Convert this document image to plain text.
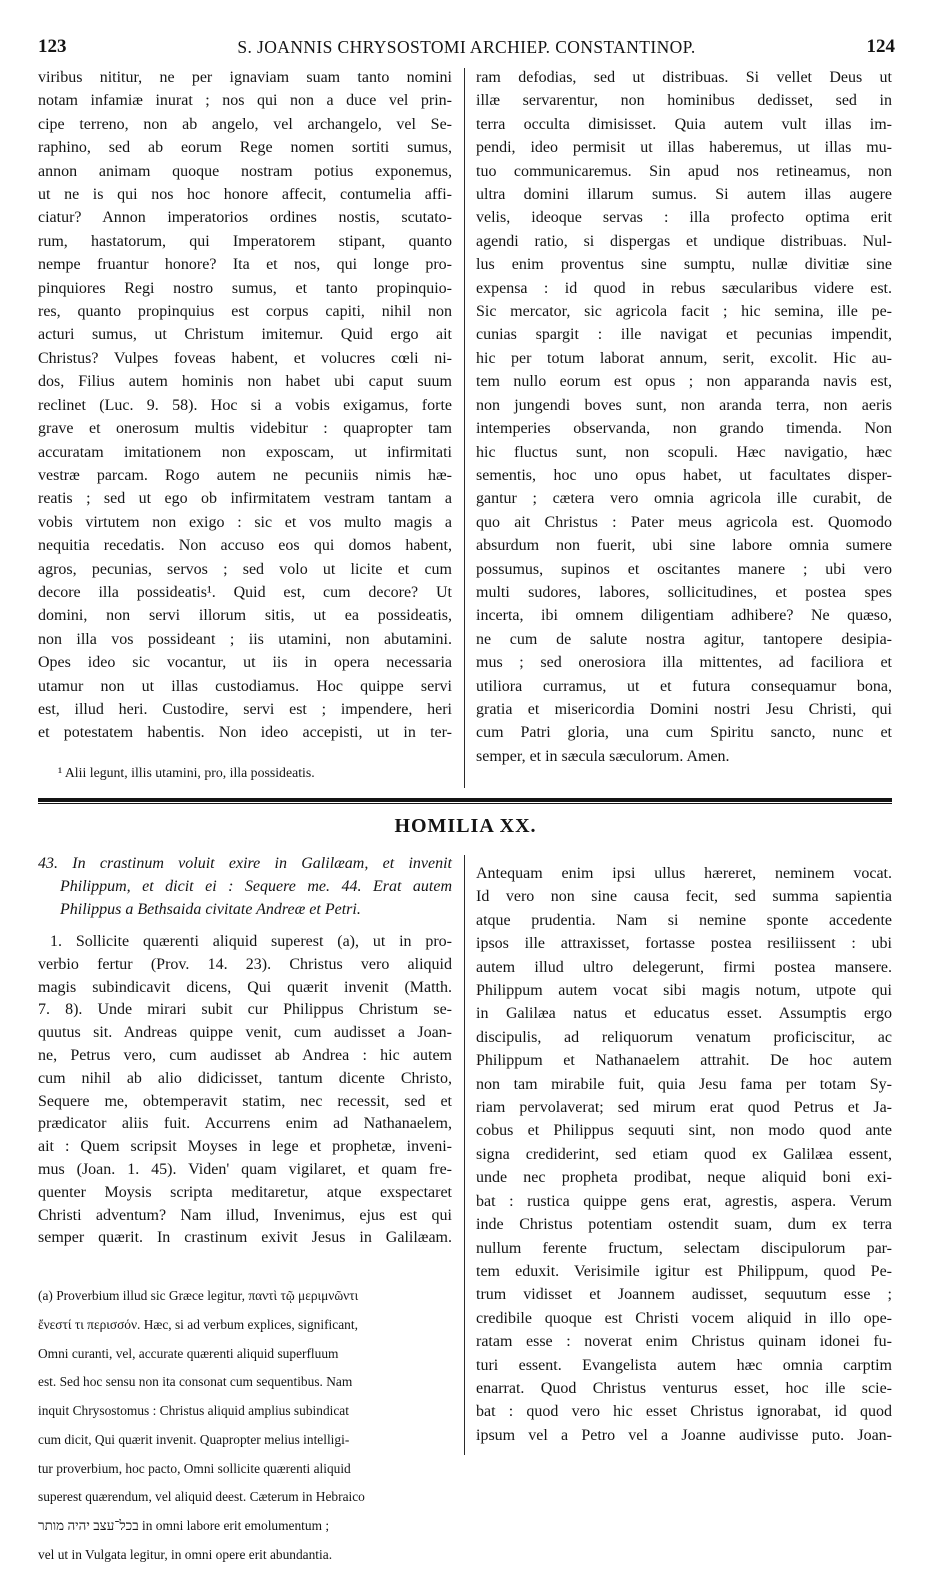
123	S. JOANNIS CHRYSOSTOMI ARCHIEP. CONSTANTINOP.	124

viribus nititur, ne per ignaviam suam tanto nomini

notam infamiæ inurat ; nos qui non a duce vel prin-

cipe terreno, non ab angelo, vel archangelo, vel Se-

raphino, sed ab eorum Rege nomen sortiti sumus,

annon animam quoque nostram potius exponemus,

ut ne is qui nos hoc honore affecit, contumelia affi-

ciatur? Annon imperatorios ordines nostis, scutato-

rum, hastatorum, qui Imperatorem stipant, quanto

nempe fruantur honore? Ita et nos, qui longe pro-

pinquiores Regi nostro sumus, et tanto propinquio-

res, quanto propinquius est corpus capiti, nihil non

acturi sumus, ut Christum imitemur. Quid ergo ait

Christus? Vulpes foveas habent, et volucres cœli ni-

dos, Filius autem hominis non habet ubi caput suum

reclinet (Luc. 9. 58). Hoc si a vobis exigamus, forte

grave et onerosum multis videbitur : quapropter tam

accuratam imitationem non exposcam, ut infirmitati

vestræ parcam. Rogo autem ne pecuniis nimis hæ-

reatis ; sed ut ego ob infirmitatem vestram tantam a

vobis virtutem non exigo : sic et vos multo magis a

nequitia recedatis. Non accuso eos qui domos habent,

agros, pecunias, servos ; sed volo ut licite et cum

decore illa possideatis¹. Quid est, cum decore? Ut

domini, non servi illorum sitis, ut ea possideatis,

non illa vos possideant ; iis utamini, non abutamini.

Opes ideo sic vocantur, ut iis in opera necessaria

utamur non ut illas custodiamus. Hoc quippe servi

est, illud heri. Custodire, servi est ; impendere, heri

et potestatem habentis. Non ideo accepisti, ut in ter-

¹ Alii legunt, illis utamini, pro, illa possideatis.

ram defodias, sed ut distribuas. Si vellet Deus ut

illæ servarentur, non hominibus dedisset, sed in

terra occulta dimisisset. Quia autem vult illas im-

pendi, ideo permisit ut illas haberemus, ut illas mu-

tuo communicaremus. Sin apud nos retineamus, non

ultra domini illarum sumus. Si autem illas augere

velis, ideoque servas : illa profecto optima erit

agendi ratio, si dispergas et undique distribuas. Nul-

lus enim proventus sine sumptu, nullæ divitiæ sine

expensa : id quod in rebus sæcularibus videre est.

Sic mercator, sic agricola facit ; hic semina, ille pe-

cunias spargit : ille navigat et pecunias impendit,

hic per totum laborat annum, serit, excolit. Hic au-

tem nullo eorum est opus ; non apparanda navis est,

non jungendi boves sunt, non aranda terra, non aeris

intemperies observanda, non grando timenda. Non

hic fluctus sunt, non scopuli. Hæc navigatio, hæc

sementis, hoc uno opus habet, ut facultates disper-

gantur ; cætera vero omnia agricola ille curabit, de

quo ait Christus : Pater meus agricola est. Quomodo

absurdum non fuerit, ubi sine labore omnia sumere

possumus, supinos et oscitantes manere ; ubi vero

multi sudores, labores, sollicitudines, et postea spes

incerta, ibi omnem diligentiam adhibere? Ne quæso,

ne cum de salute nostra agitur, tantopere desipia-

mus ; sed onerosiora illa mittentes, ad faciliora et

utiliora curramus, ut et futura consequamur bona,

gratia et misericordia Domini nostri Jesu Christi, qui

cum Patri gloria, una cum Spiritu sancto, nunc et

semper, et in sæcula sæculorum. Amen.

HOMILIA XX.

43. In crastinum voluit exire in Galilæam, et invenit

Philippum, et dicit ei : Sequere me. 44. Erat autem

Philippus a Bethsaida civitate Andreæ et Petri.

1. Sollicite quærenti aliquid superest (a), ut in pro-

verbio fertur (Prov. 14. 23). Christus vero aliquid

magis subindicavit dicens, Qui quærit invenit (Matth.

7. 8). Unde mirari subit cur Philippus Christum se-

quutus sit. Andreas quippe venit, cum audisset a Joan-

ne, Petrus vero, cum audisset ab Andrea : hic autem

cum nihil ab alio didicisset, tantum dicente Christo,

Sequere me, obtemperavit statim, nec recessit, sed et

prædicator aliis fuit. Accurrens enim ad Nathanaelem,

ait : Quem scripsit Moyses in lege et prophetæ, inveni-

mus (Joan. 1. 45). Viden' quam vigilaret, et quam fre-

quenter Moysis scripta meditaretur, atque exspectaret

Christi adventum? Nam illud, Invenimus, ejus est qui

semper quærit. In crastinum exivit Jesus in Galilæam.

(a) Proverbium illud sic Græce legitur, παντὶ τῷ μεριμνῶντι

ἔνεστί τι περισσόν. Hæc, si ad verbum explices, significant,

Omni curanti, vel, accurate quærenti aliquid superfluum

est. Sed hoc sensu non ita consonat cum sequentibus. Nam

inquit Chrysostomus : Christus aliquid amplius subindicat

cum dicit, Qui quærit invenit. Quapropter melius intelligi-

tur proverbium, hoc pacto, Omni sollicite quærenti aliquid

superest quærendum, vel aliquid deest. Cæterum in Hebraico

בכל־עצב יהיה מותר in omni labore erit emolumentum ;

vel ut in Vulgata legitur, in omni opere erit abundantia.

Antequam enim ipsi ullus hæreret, neminem vocat.

Id vero non sine causa fecit, sed summa sapientia

atque prudentia. Nam si nemine sponte accedente

ipsos ille attraxisset, fortasse postea resiliissent : ubi

autem illud ultro delegerunt, firmi postea mansere.

Philippum autem vocat sibi magis notum, utpote qui

in Galilæa natus et educatus esset. Assumptis ergo

discipulis, ad reliquorum venatum proficiscitur, ac

Philippum et Nathanaelem attrahit. De hoc autem

non tam mirabile fuit, quia Jesu fama per totam Sy-

riam pervolaverat; sed mirum erat quod Petrus et Ja-

cobus et Philippus sequuti sint, non modo quod ante

signa crediderint, sed etiam quod ex Galilæa essent,

unde nec propheta prodibat, neque aliquid boni exi-

bat : rustica quippe gens erat, agrestis, aspera. Verum

inde Christus potentiam ostendit suam, dum ex terra

nullum ferente fructum, selectam discipulorum par-

tem eduxit. Verisimile igitur est Philippum, quod Pe-

trum vidisset et Joannem audisset, sequutum esse ;

credibile quoque est Christi vocem aliquid in illo ope-

ratam esse : noverat enim Christus quinam idonei fu-

turi essent. Evangelista autem hæc omnia carptim

enarrat. Quod Christus venturus esset, hoc ille scie-

bat : quod vero hic esset Christus ignorabat, id quod

ipsum vel a Petro vel a Joanne audivisse puto. Joan-
